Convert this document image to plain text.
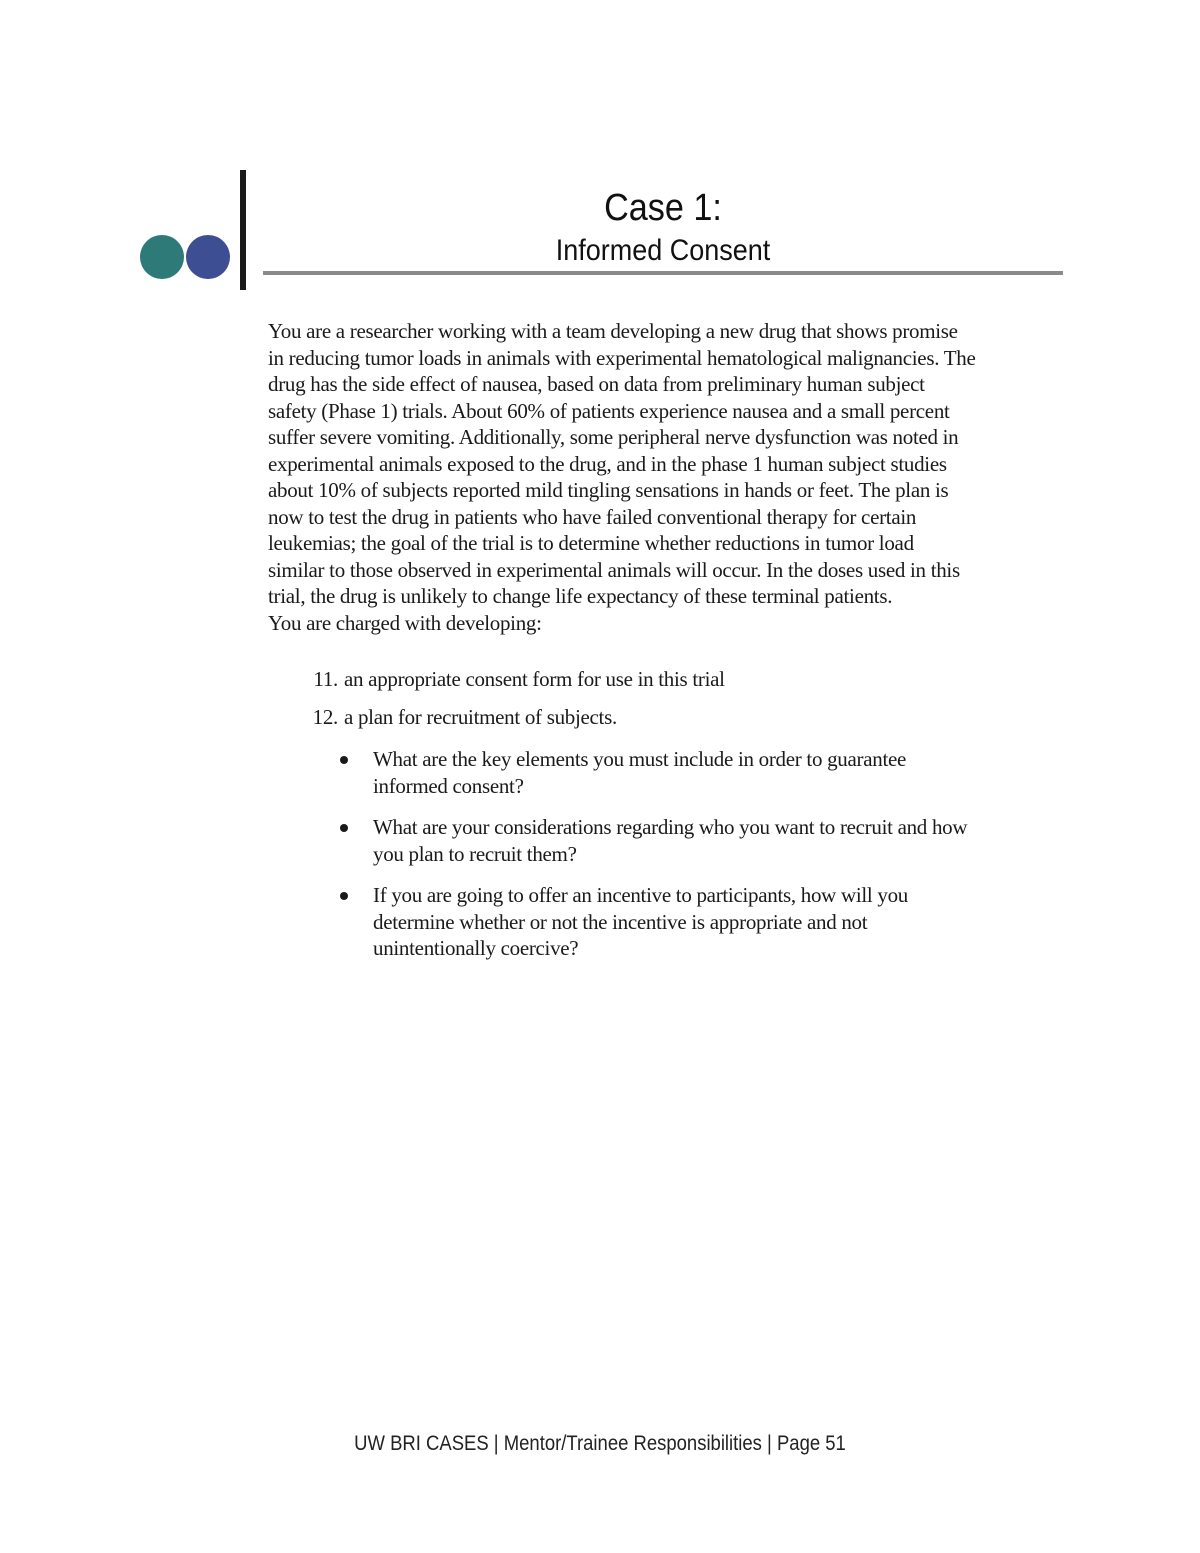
Case 1:
Informed Consent
You are a researcher working with a team developing a new drug that shows promise
in reducing tumor loads in animals with experimental hematological malignancies. The
drug has the side effect of nausea, based on data from preliminary human subject
safety (Phase 1) trials. About 60% of patients experience nausea and a small percent
suffer severe vomiting. Additionally, some peripheral nerve dysfunction was noted in
experimental animals exposed to the drug, and in the phase 1 human subject studies
about 10% of subjects reported mild tingling sensations in hands or feet. The plan is
now to test the drug in patients who have failed conventional therapy for certain
leukemias; the goal of the trial is to determine whether reductions in tumor load
similar to those observed in experimental animals will occur. In the doses used in this
trial, the drug is unlikely to change life expectancy of these terminal patients.
You are charged with developing:
11. an appropriate consent form for use in this trial
12. a plan for recruitment of subjects.
What are the key elements you must include in order to guarantee
informed consent?
What are your considerations regarding who you want to recruit and how
you plan to recruit them?
If you are going to offer an incentive to participants, how will you
determine whether or not the incentive is appropriate and not
unintentionally coercive?

UW BRI CASES | Mentor/Trainee Responsibilities | Page 51
